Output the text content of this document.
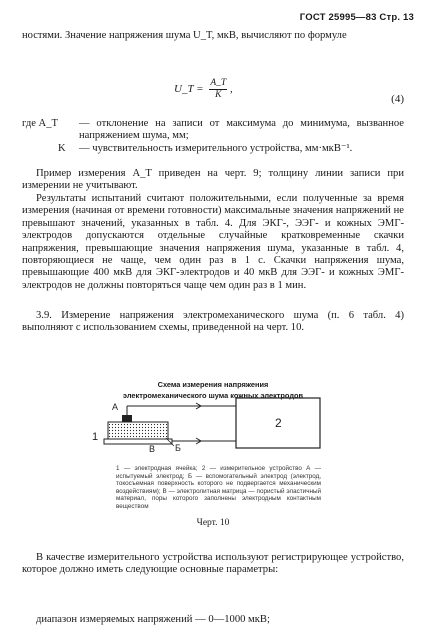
ГОСТ 25995—83 Стр. 13
ностями. Значение напряжения шума U_T, мкВ, вычисляют по формуле
U_T = $\frac{A\_T}{K}$ ,
(4)
где A_T	— отклонение на записи от максимума до минимума, вызванное напряжением шума, мм;
K	— чувствительность измерительного устройства, мм·мкВ⁻¹.
Пример измерения A_T приведен на черт. 9; толщину линии записи при измерении не учитывают.
Результаты испытаний считают положительными, если полученные за время измерения (начиная от времени готовности) максимальные значения напряжений не превышают значений, указанных в табл. 4. Для ЭКГ-, ЭЭГ- и кожных ЭМГ-электродов допускаются отдельные случайные кратковременные скачки напряжения, превышающие значения напряжения шума, указанные в табл. 4, повторяющиеся не чаще, чем один раз в 1 с. Скачки напряжения шума, превышающие 400 мкВ для ЭКГ-электродов и 40 мкВ для ЭЭГ- и кожных ЭМГ-электродов не должны повторяться чаще чем один раз в 1 мин.
3.9. Измерение напряжения электромеханического шума (п. 6 табл. 4) выполняют с использованием схемы, приведенной на черт. 10.
Схема измерения напряжения
электромеханического шума кожных электродов
1
2
А
Б
В
1 — электродная ячейка; 2 — измерительное устройство А — испытуемый электрод; Б — вспомогательный электрод (электрод, токосъемная поверхность которого не подвергается механическим воздействиям); В — электролитная матрица — пористый эластичный материал, поры которого заполнены электродным контактным веществом
Черт. 10
В качестве измерительного устройства используют регистрирующее устройство, которое должно иметь следующие основные параметры:
диапазон измеряемых напряжений — 0—1000 мкВ;
